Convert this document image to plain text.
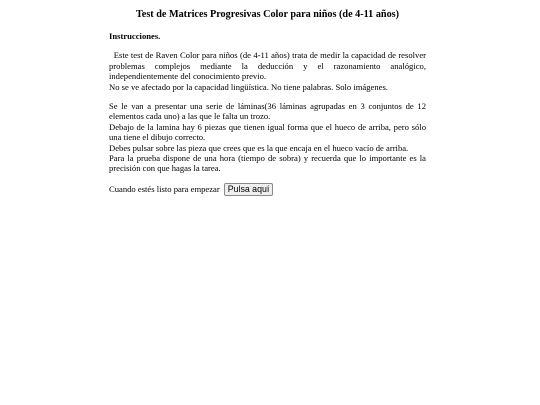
Test de Matrices Progresivas Color para niños (de 4-11 años)

Instrucciones.

Este test de Raven Color para niños (de 4-11 años) trata de medir la capacidad de resolver problemas complejos mediante la deducción y el razonamiento analógico, independientemente del conocimiento previo.
No se ve afectado por la capacidad lingüística. No tiene palabras. Solo imágenes.
Se le van a presentar una serie de láminas(36 láminas agrupadas en 3 conjuntos de 12 elementos cada uno) a las que le falta un trozo.
Debajo de la lamina hay 6 piezas que tienen igual forma que el hueco de arriba, pero sólo una tiene el dibujo correcto.
Debes pulsar sobre las pieza que crees que es la que encaja en el hueco vacío de arriba.
Para la prueba dispone de una hora (tiempo de sobra) y recuerda que lo importante es la precisión con que hagas la tarea.
Cuando estés listo para empezar Pulsa aquí
